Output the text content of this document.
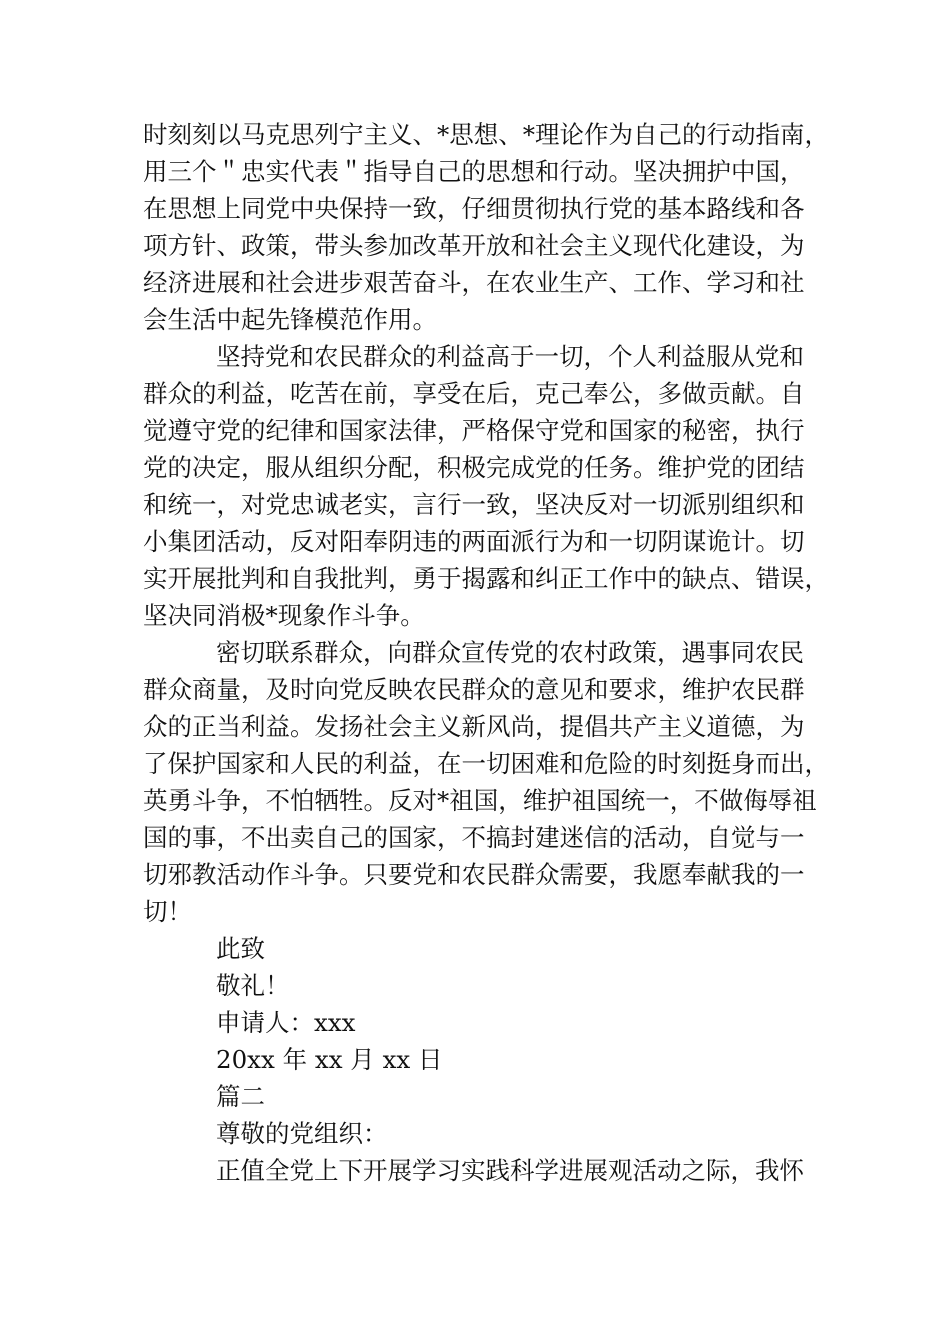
时刻刻以马克思列宁主义、*思想、*理论作为自己的行动指南，
用三个＂忠实代表＂指导自己的思想和行动。坚决拥护中国，
在思想上同党中央保持一致，仔细贯彻执行党的基本路线和各
项方针、政策，带头参加改革开放和社会主义现代化建设，为
经济进展和社会进步艰苦奋斗，在农业生产、工作、学习和社
会生活中起先锋模范作用。
坚持党和农民群众的利益高于一切，个人利益服从党和
群众的利益，吃苦在前，享受在后，克己奉公，多做贡献。自
觉遵守党的纪律和国家法律，严格保守党和国家的秘密，执行
党的决定，服从组织分配，积极完成党的任务。维护党的团结
和统一，对党忠诚老实，言行一致，坚决反对一切派别组织和
小集团活动，反对阳奉阴违的两面派行为和一切阴谋诡计。切
实开展批判和自我批判，勇于揭露和纠正工作中的缺点、错误，
坚决同消极*现象作斗争。
密切联系群众，向群众宣传党的农村政策，遇事同农民
群众商量，及时向党反映农民群众的意见和要求，维护农民群
众的正当利益。发扬社会主义新风尚，提倡共产主义道德，为
了保护国家和人民的利益，在一切困难和危险的时刻挺身而出，
英勇斗争，不怕牺牲。反对*祖国，维护祖国统一，不做侮辱祖
国的事，不出卖自己的国家，不搞封建迷信的活动，自觉与一
切邪教活动作斗争。只要党和农民群众需要，我愿奉献我的一
切！
此致
敬礼！
申请人：xxx
20xx 年 xx 月 xx 日
篇二
尊敬的党组织：
正值全党上下开展学习实践科学进展观活动之际，我怀
